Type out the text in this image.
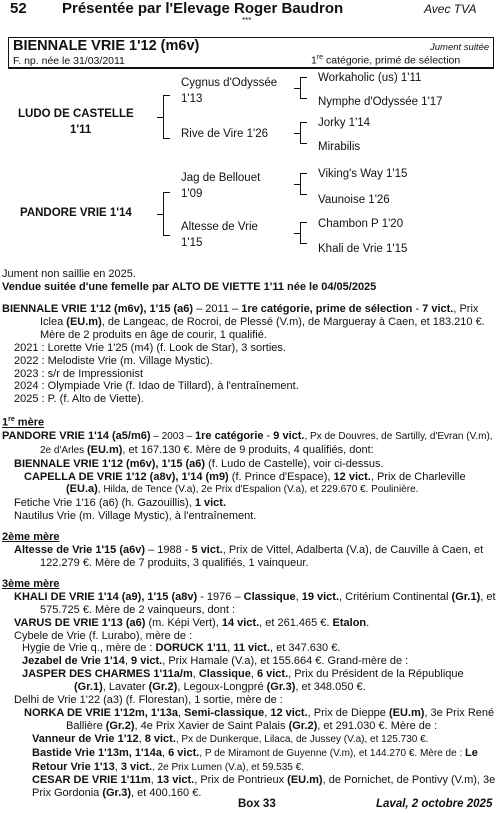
52 Présentée par l'Elevage Roger Baudron	Avec TVA
***
BIENNALE VRIE 1'12 (m6v)	Jument suitée
F. np. née le 31/03/2011	1re catégorie, primé de sélection
LUDO DE CASTELLE
1'11
PANDORE VRIE 1'14
Cygnus d'Odyssée
1'13
Rive de Vire 1'26
Jag de Bellouet
1'09
Altesse de Vrie
1'15
Workaholic (us) 1'11
Nymphe d'Odyssée 1'17
Jorky 1'14
Mirabilis
Viking's Way 1'15
Vaunoise 1'26
Chambon P 1'20
Khali de Vrie 1'15
Jument non saillie en 2025.
Vendue suitée d'une femelle par ALTO DE VIETTE 1'11 née le 04/05/2025

BIENNALE VRIE 1'12 (m6v), 1'15 (a6) – 2011 – 1re catégorie, prime de sélection - 7 vict., Prix Iclea (EU.m), de Langeac, de Rocroi, de Plessé (V.m), de Margueray à Caen, et 183.210 €. Mère de 2 produits en âge de courir, 1 qualifié.

2021 : Lorette Vrie 1'25 (m4) (f. Look de Star), 3 sorties.

2022 : Melodiste Vrie (m. Village Mystic).

2023 : s/r de Impressionist

2024 : Olympiade Vrie (f. Idao de Tillard), à l'entraînement.

2025 : P. (f. Alto de Viette).

1re mère

PANDORE VRIE 1'14 (a5/m6) – 2003 – 1re catégorie - 9 vict., Px de Douvres, de Sartilly, d'Evran (V.m), 2e d'Arles (EU.m), et 167.130 €. Mère de 9 produits, 4 qualifiés, dont:

BIENNALE VRIE 1'12 (m6v), 1'15 (a6) (f. Ludo de Castelle), voir ci-dessus.

CAPELLA DE VRIE 1'12 (a8v), 1'14 (m9) (f. Prince d'Espace), 12 vict., Prix de Charleville (EU.a), Hilda, de Tence (V.a), 2e Prix d'Espalion (V.a), et 229.670 €. Poulinière.

Fetiche Vrie 1'16 (a6) (h. Gazouillis), 1 vict.

Nautilus Vrie (m. Village Mystic), à l'entraînement.

2ème mère

Altesse de Vrie 1'15 (a6v) – 1988 - 5 vict., Prix de Vittel, Adalberta (V.a), de Cauville à Caen, et 122.279 €. Mère de 7 produits, 3 qualifiés, 1 vainqueur.

3ème mère

KHALI DE VRIE 1'14 (a9), 1'15 (a8v) - 1976 – Classique, 19 vict., Critérium Continental (Gr.1), et 575.725 €. Mère de 2 vainqueurs, dont :

VARUS DE VRIE 1'13 (a6) (m. Képi Vert), 14 vict., et 261.465 €. Etalon.

Cybele de Vrie (f. Lurabo), mère de :

Hygie de Vrie q., mère de : DORUCK 1'11, 11 vict., et 347.630 €.

Jezabel de Vrie 1'14, 9 vict., Prix Hamale (V.a), et 155.664 €. Grand-mère de :

JASPER DES CHARMES 1'11a/m, Classique, 6 vict., Prix du Président de la République (Gr.1), Lavater (Gr.2), Legoux-Longpré (Gr.3), et 348.050 €.

Delhi de Vrie 1'22 (a3) (f. Florestan), 1 sortie, mère de :

NORKA DE VRIE 1'12m, 1'13a, Semi-classique, 12 vict., Prix de Dieppe (EU.m), 3e Prix René Ballière (Gr.2), 4e Prix Xavier de Saint Palais (Gr.2), et 291.030 €. Mère de :

Vanneur de Vrie 1'12, 8 vict., Px de Dunkerque, Lilaca, de Jussey (V.a), et 125.730 €.

Bastide Vrie 1'13m, 1'14a, 6 vict., P de Miramont de Guyenne (V.m), et 144.270 €. Mère de : Le Retour Vrie 1'13, 3 vict., 2e Prix Lumen (V.a), et 59.535 €.

CESAR DE VRIE 1'11m, 13 vict., Prix de Pontrieux (EU.m), de Pornichet, de Pontivy (V.m), 3e Prix Gordonia (Gr.3), et 400.160 €.

Box 33	Laval, 2 octobre 2025
